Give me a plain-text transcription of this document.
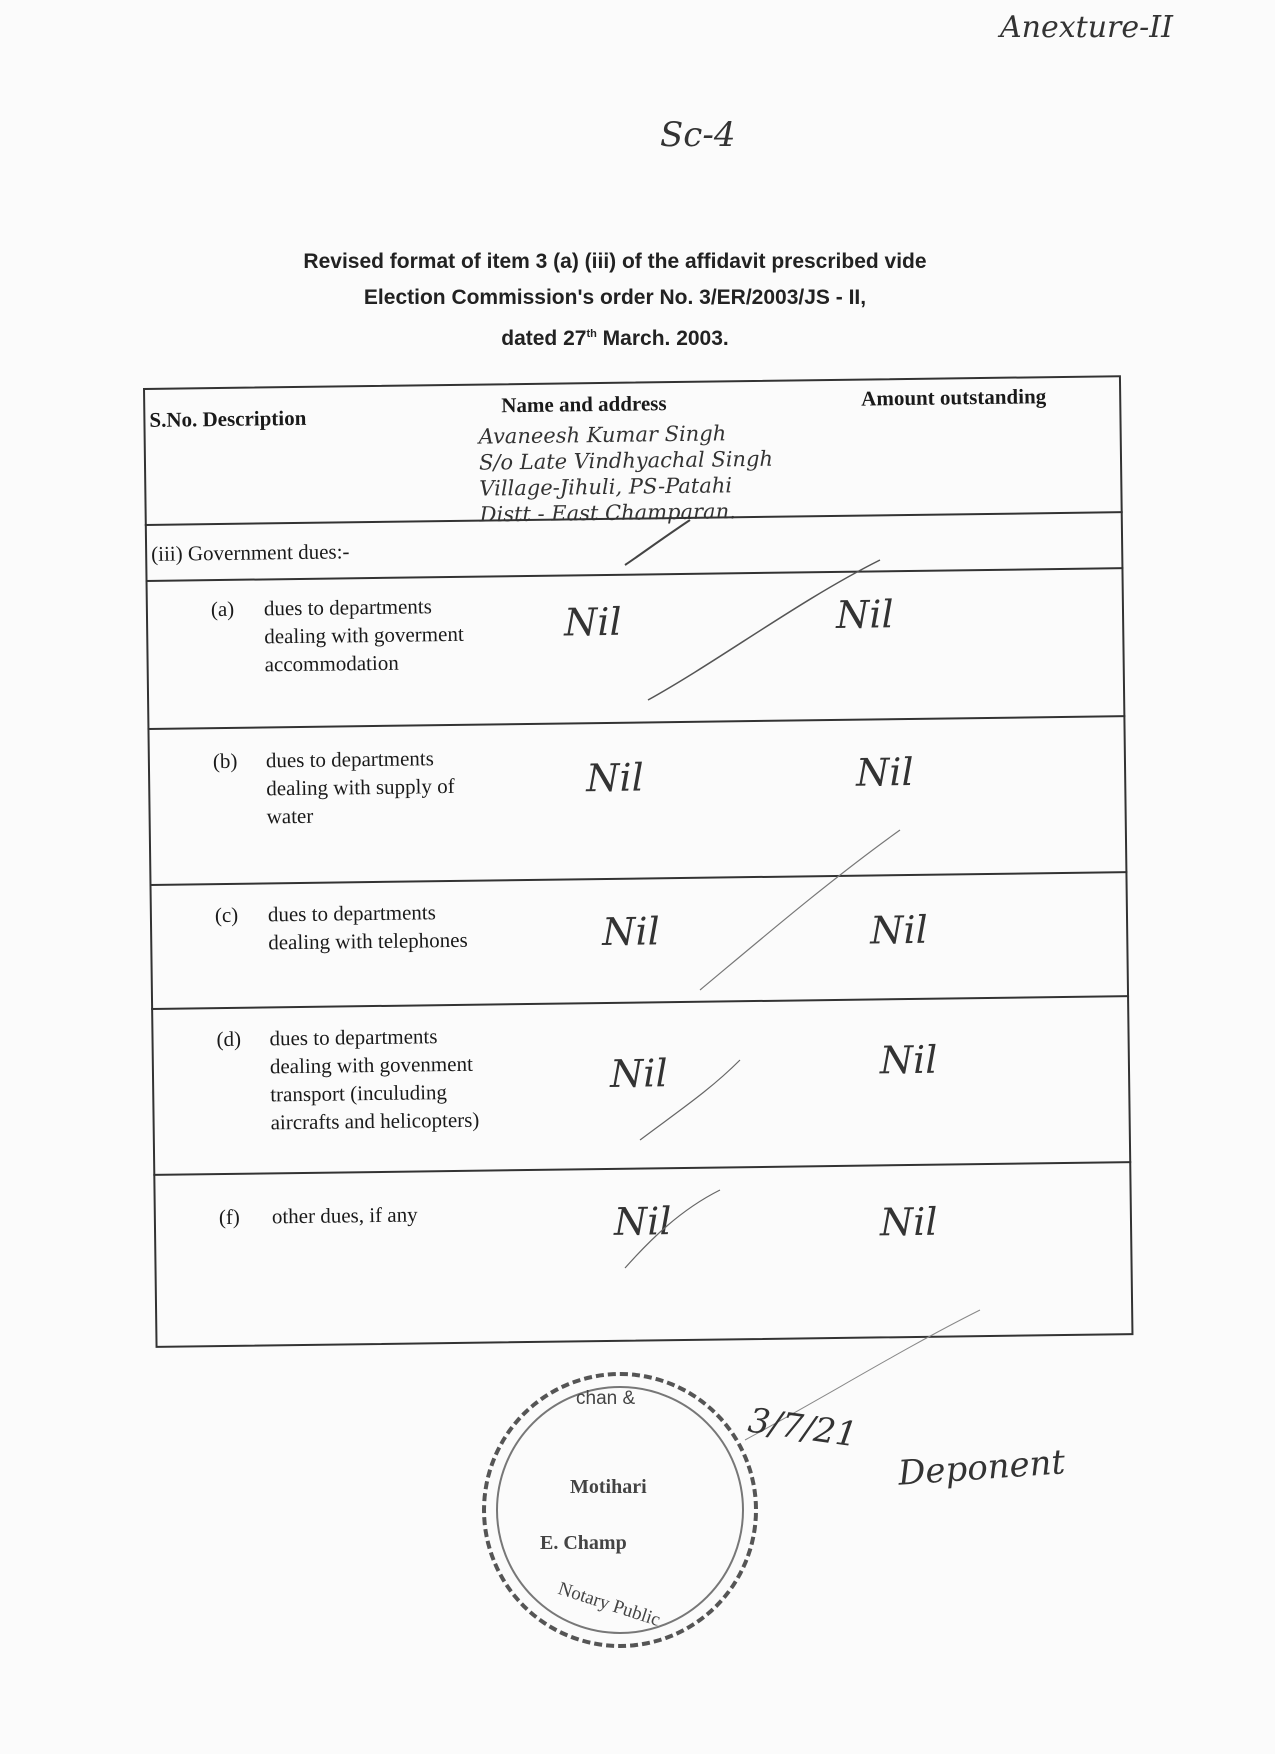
Anexture-II
Sc-4
Revised format of item 3 (a) (iii) of the affidavit prescribed vide
Election Commission's order No. 3/ER/2003/JS - II,
dated 27th March. 2003.
S.No. Description
Name and address	Amount outstanding
Avaneesh Kumar Singh
S/o Late Vindhyachal Singh
Village-Jihuli, PS-Patahi
Distt - East Champaran.
(iii) Government dues:-
(a) dues to departments
dealing with goverment
accommodation
Nil	Nil
(b) dues to departments
dealing with supply of
water
Nil	Nil
(c) dues to departments
dealing with telephones	Nil	Nil
(d) dues to departments
dealing with govenment
transport (inculuding
aircrafts and helicopters)
Nil	Nil
(f) other dues, if any	Nil	Nil
chan &
Motihari
E. Champ
Notary Public
3/7/21
Deponent
